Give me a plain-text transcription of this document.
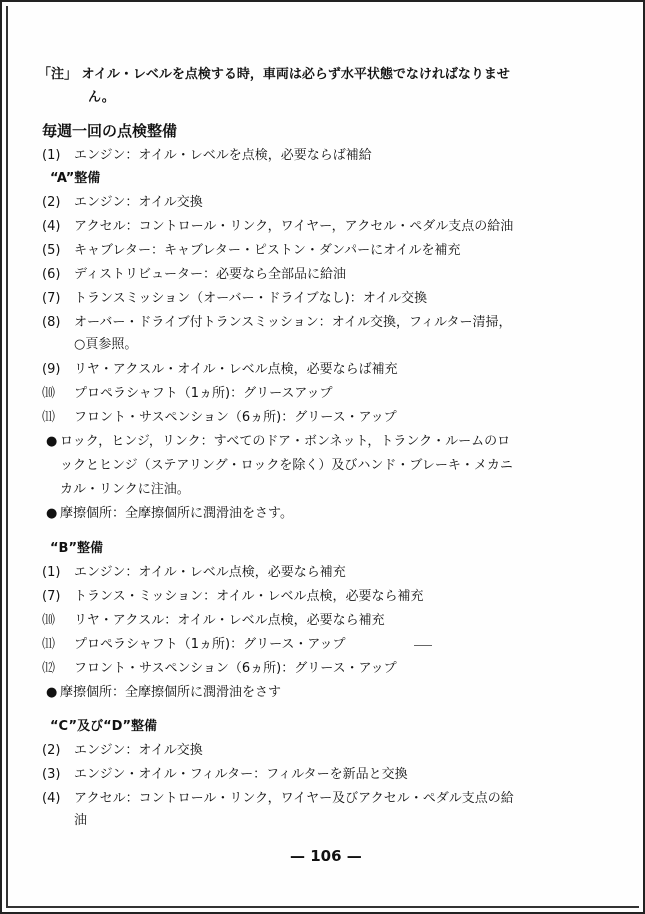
「注」 オイル・レベルを点検する時，車両は必らず水平状態でなければなりませ
ん。
毎週一回の点検整備
(1) エンジン：オイル・レベルを点検，必要ならば補給
“A”整備
(2) エンジン：オイル交換
(4) アクセル：コントロール・リンク，ワイヤー，アクセル・ペダル支点の給油
(5) キャブレター：キャブレター・ピストン・ダンパーにオイルを補充
(6) ディストリビューター：必要なら全部品に給油
(7) トランスミッション（オーバー・ドライブなし)：オイル交換
(8) オーバー・ドライブ付トランスミッション：オイル交換，フィルター清掃，
○頁参照。
(9) リヤ・アクスル・オイル・レベル点検，必要ならば補充
⑽ プロペラシャフト（1ヵ所)：グリースアップ
⑾ フロント・サスペンション（6ヵ所)：グリース・アップ
● ロック，ヒンジ，リンク：すべてのドア・ボンネット，トランク・ルームのロ
ックとヒンジ（ステアリング・ロックを除く）及びハンド・ブレーキ・メカニ
カル・リンクに注油。
● 摩擦個所：全摩擦個所に潤滑油をさす。
“B”整備
(1) エンジン：オイル・レベル点検，必要なら補充
(7) トランス・ミッション：オイル・レベル点検，必要なら補充
⑽ リヤ・アクスル：オイル・レベル点検，必要なら補充
⑾ プロペラシャフト（1ヵ所)：グリース・アップ
⑿ フロント・サスペンション（6ヵ所)：グリース・アップ
● 摩擦個所：全摩擦個所に潤滑油をさす
“C”及び“D”整備
(2) エンジン：オイル交換
(3) エンジン・オイル・フィルター：フィルターを新品と交換
(4) アクセル：コントロール・リンク，ワイヤー及びアクセル・ペダル支点の給
油
— 106 —
